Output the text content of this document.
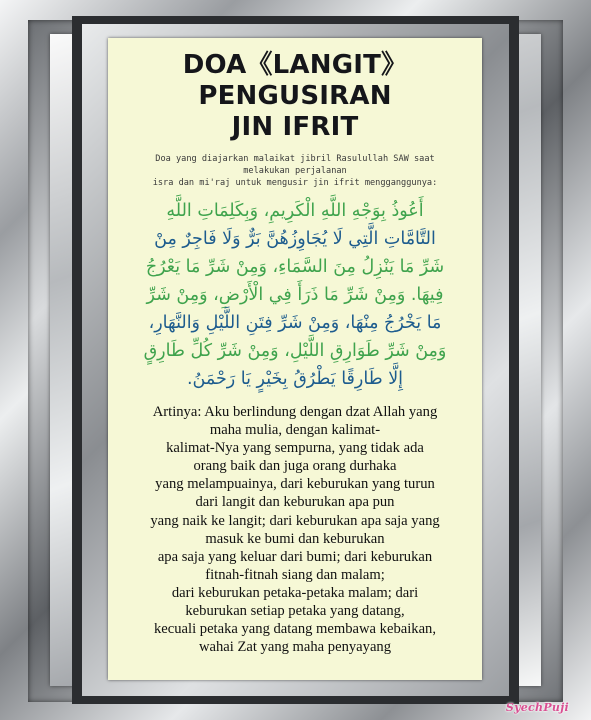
DOA《LANGIT》
PENGUSIRAN
JIN IFRIT
Doa yang diajarkan malaikat jibril Rasulullah SAW saat
melakukan perjalanan
isra dan mi'raj untuk mengusir jin ifrit mengganggunya:
أَعُوذُ بِوَجْهِ اللَّهِ الْكَرِيمِ، وَبِكَلِمَاتِ اللَّهِ
التَّامَّاتِ الَّتِي لَا يُجَاوِزُهُنَّ بَرٌّ وَلَا فَاجِرٌ مِنْ
شَرِّ مَا يَنْزِلُ مِنَ السَّمَاءِ، وَمِنْ شَرِّ مَا يَعْرُجُ
فِيهَا. وَمِنْ شَرِّ مَا ذَرَأَ فِي الْأَرْضِ، وَمِنْ شَرِّ
مَا يَخْرُجُ مِنْهَا، وَمِنْ شَرِّ فِتَنِ اللَّيْلِ وَالنَّهَارِ،
وَمِنْ شَرِّ طَوَارِقِ اللَّيْلِ، وَمِنْ شَرِّ كُلِّ طَارِقٍ
إِلَّا طَارِقًا يَطْرُقُ بِخَيْرٍ يَا رَحْمَنُ.
Artinya: Aku berlindung dengan dzat Allah yang
maha mulia, dengan kalimat-
kalimat-Nya yang sempurna, yang tidak ada
orang baik dan juga orang durhaka
yang melampuainya, dari keburukan yang turun
dari langit dan keburukan apa pun
yang naik ke langit; dari keburukan apa saja yang
masuk ke bumi dan keburukan
apa saja yang keluar dari bumi; dari keburukan
fitnah-fitnah siang dan malam;
dari keburukan petaka-petaka malam; dari
keburukan setiap petaka yang datang,
kecuali petaka yang datang membawa kebaikan,
wahai Zat yang maha penyayang
SyechPuji
